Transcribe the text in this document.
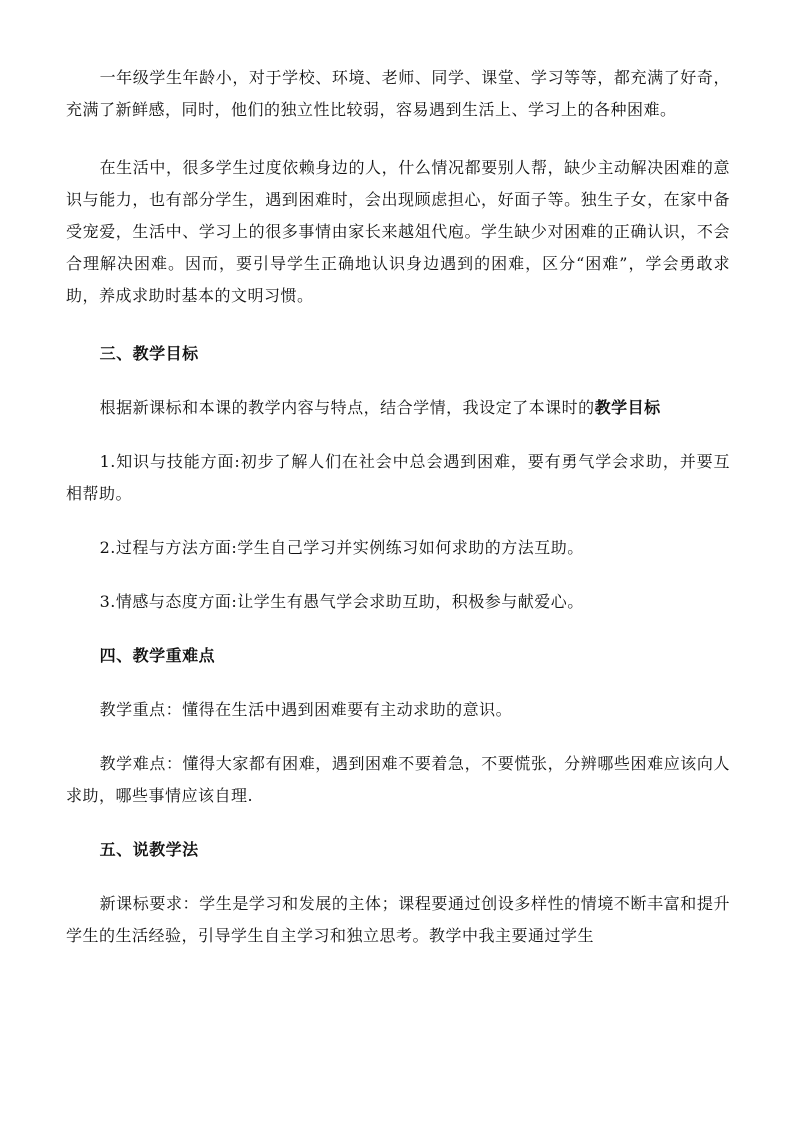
一年级学生年龄小，对于学校、环境、老师、同学、课堂、学习等等，都充满了好奇，充满了新鲜感，同时，他们的独立性比较弱，容易遇到生活上、学习上的各种困难。

在生活中，很多学生过度依赖身边的人，什么情况都要别人帮，缺少主动解决困难的意识与能力，也有部分学生，遇到困难时，会出现顾虑担心，好面子等。独生子女，在家中备受宠爱，生活中、学习上的很多事情由家长来越俎代庖。学生缺少对困难的正确认识，不会合理解决困难。因而，要引导学生正确地认识身边遇到的困难，区分“困难”，学会勇敢求助，养成求助时基本的文明习惯。

三、教学目标

根据新课标和本课的教学内容与特点，结合学情，我设定了本课时的教学目标

1.知识与技能方面:初步了解人们在社会中总会遇到困难，要有勇气学会求助，并要互相帮助。

2.过程与方法方面:学生自己学习并实例练习如何求助的方法互助。

3.情感与态度方面:让学生有愚气学会求助互助，积极参与献爱心。

四、教学重难点

教学重点：懂得在生活中遇到困难要有主动求助的意识。

教学难点：懂得大家都有困难，遇到困难不要着急，不要慌张，分辨哪些困难应该向人求助，哪些事情应该自理.

五、说教学法

新课标要求：学生是学习和发展的主体；课程要通过创设多样性的情境不断丰富和提升学生的生活经验，引导学生自主学习和独立思考。教学中我主要通过学生
